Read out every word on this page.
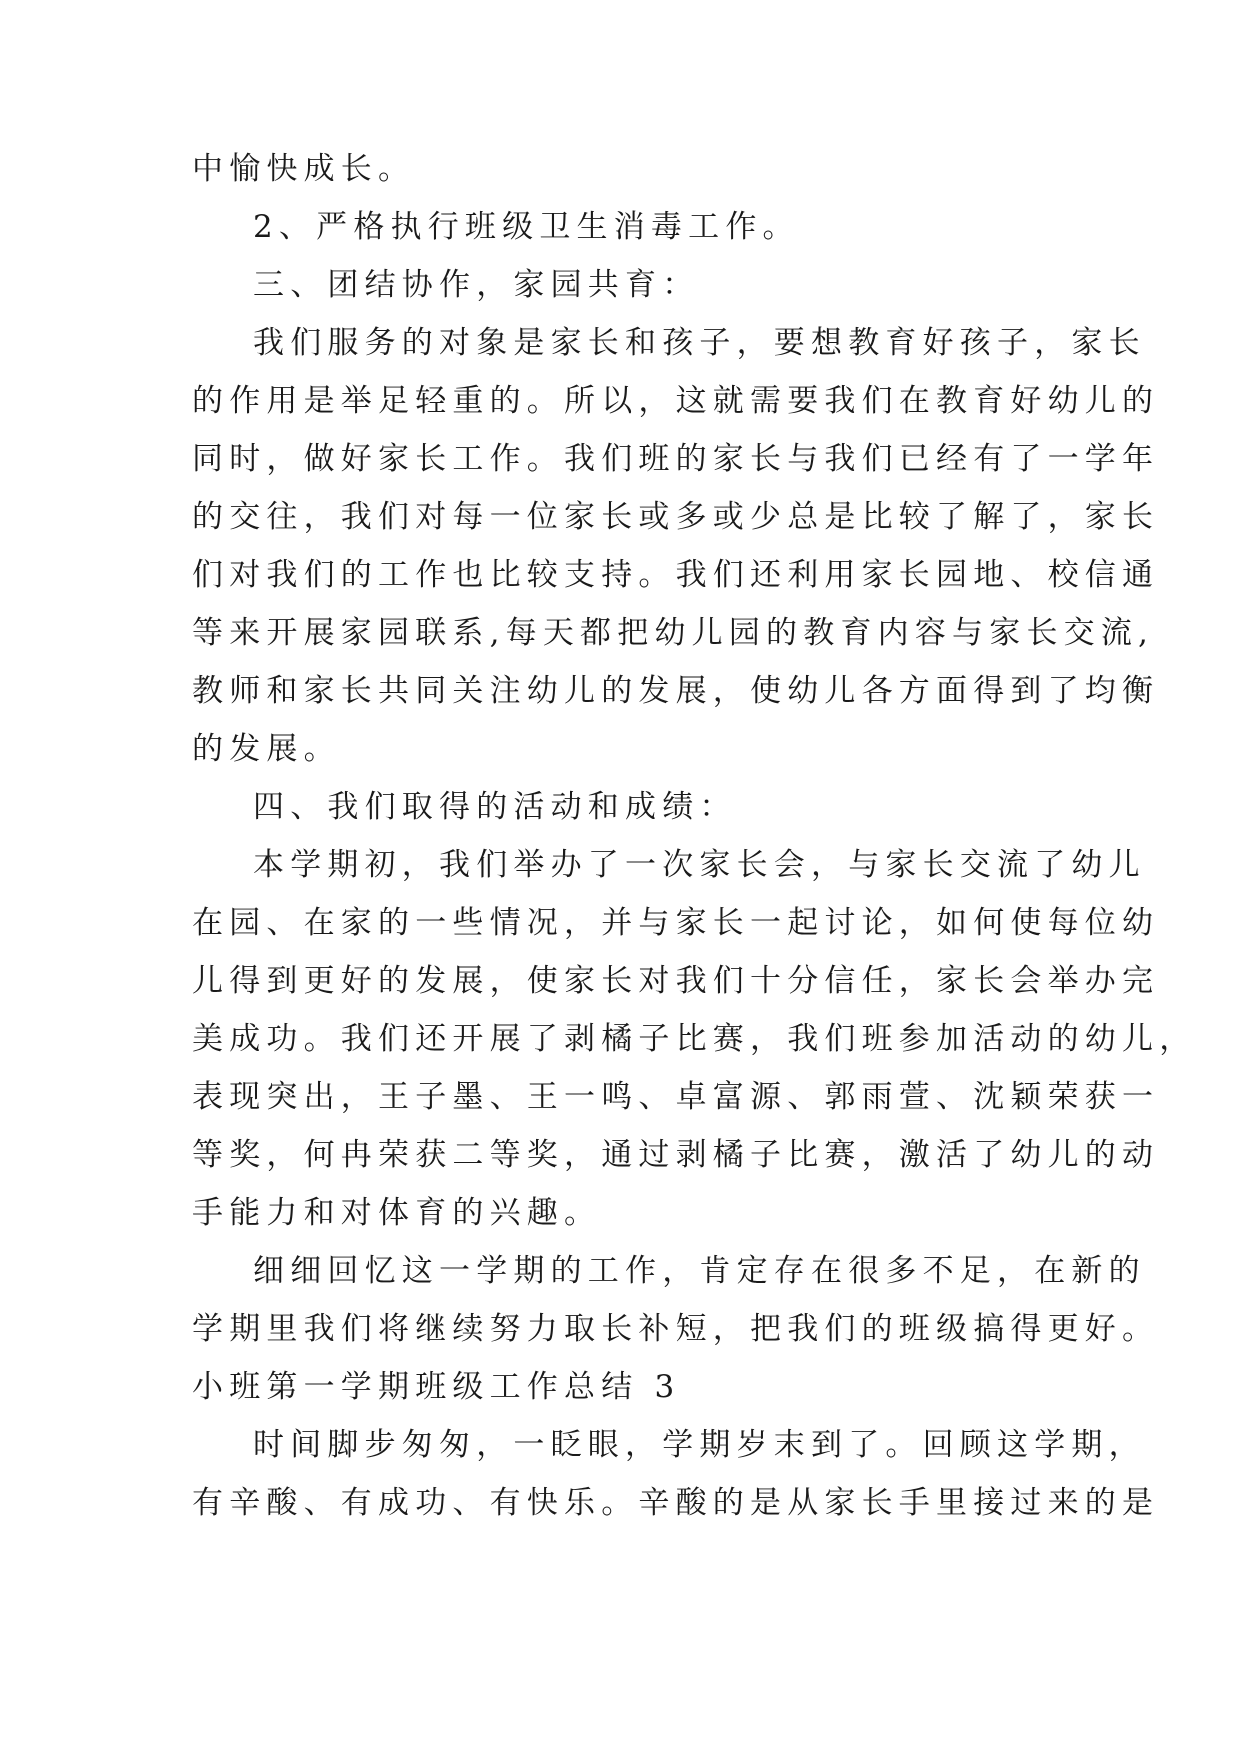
中愉快成长。
2、严格执行班级卫生消毒工作。
三、团结协作，家园共育：
我们服务的对象是家长和孩子，要想教育好孩子，家长
的作用是举足轻重的。所以，这就需要我们在教育好幼儿的
同时，做好家长工作。我们班的家长与我们已经有了一学年
的交往，我们对每一位家长或多或少总是比较了解了，家长
们对我们的工作也比较支持。我们还利用家长园地、校信通
等来开展家园联系,每天都把幼儿园的教育内容与家长交流,
教师和家长共同关注幼儿的发展，使幼儿各方面得到了均衡
的发展。
四、我们取得的活动和成绩：
本学期初，我们举办了一次家长会，与家长交流了幼儿
在园、在家的一些情况，并与家长一起讨论，如何使每位幼
儿得到更好的发展，使家长对我们十分信任，家长会举办完
美成功。我们还开展了剥橘子比赛，我们班参加活动的幼儿，
表现突出，王子墨、王一鸣、卓富源、郭雨萱、沈颖荣获一
等奖，何冉荣获二等奖，通过剥橘子比赛，激活了幼儿的动
手能力和对体育的兴趣。
细细回忆这一学期的工作，肯定存在很多不足，在新的
学期里我们将继续努力取长补短，把我们的班级搞得更好。
小班第一学期班级工作总结 3
时间脚步匆匆，一眨眼，学期岁末到了。回顾这学期，
有辛酸、有成功、有快乐。辛酸的是从家长手里接过来的是
